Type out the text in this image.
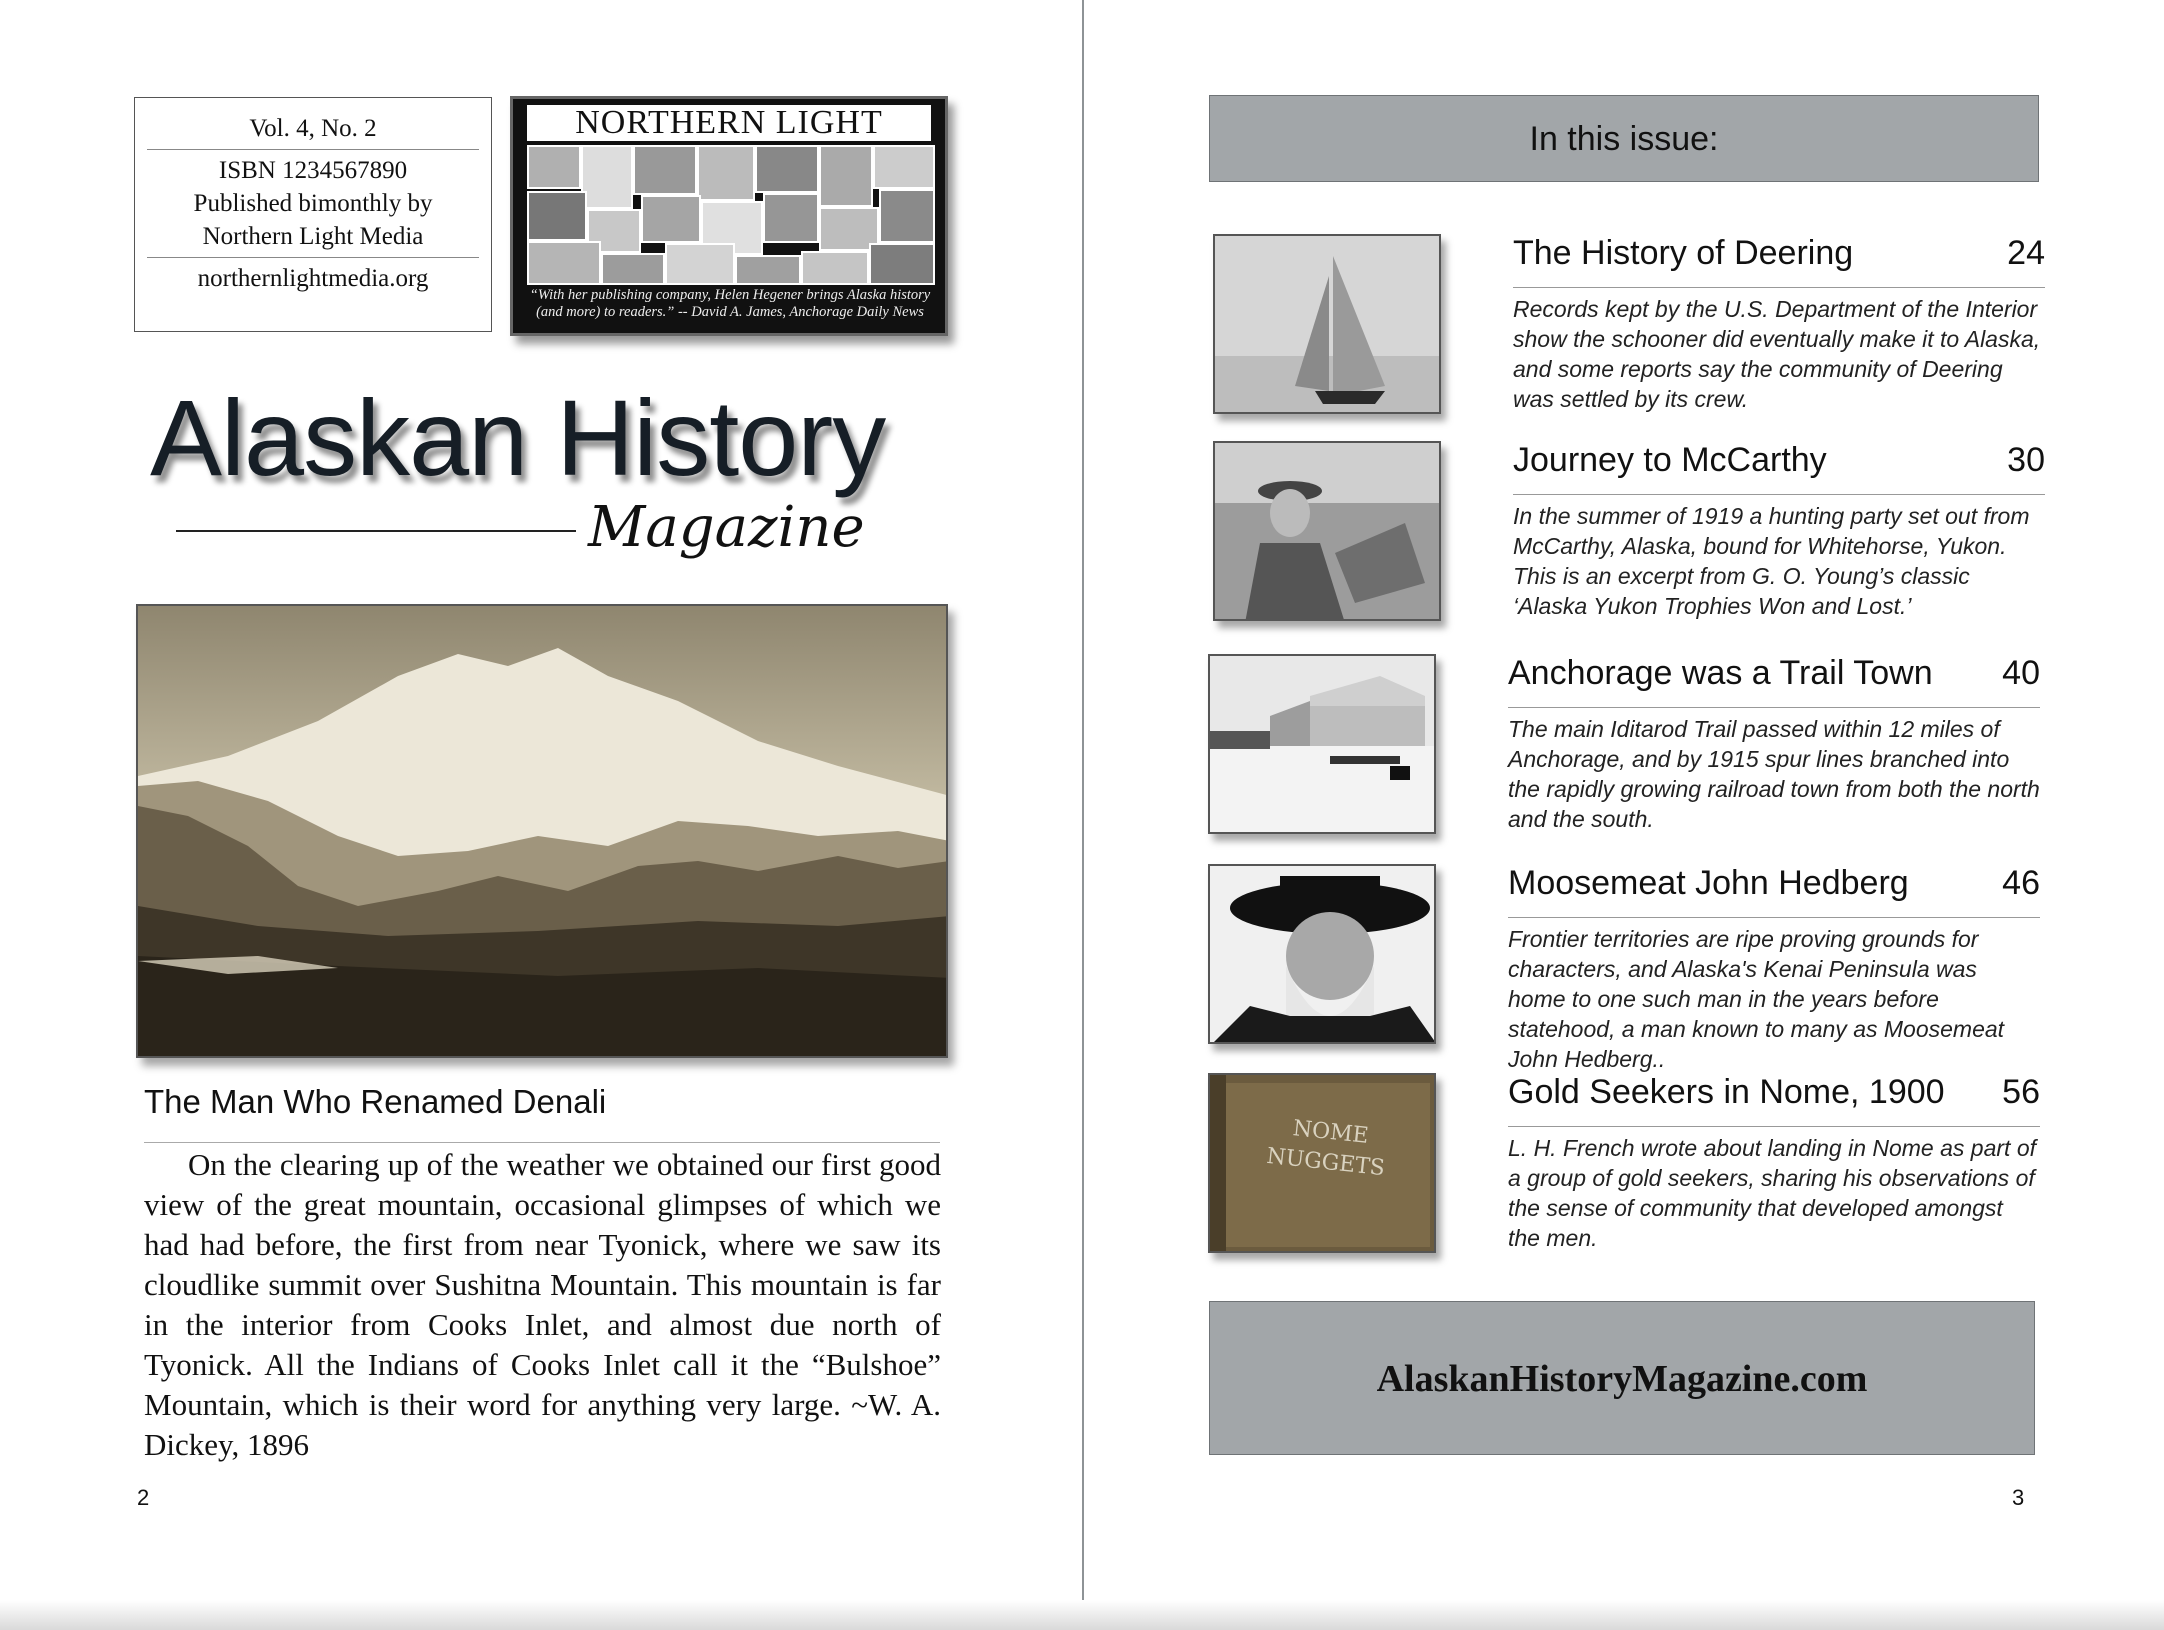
Vol. 4, No. 2
ISBN 1234567890
Published bimonthly by
Northern Light Media
northernlightmedia.org
NORTHERN LIGHT
“With her publishing company, Helen Hegener brings Alaska history
(and more) to readers.” -- David A. James, Anchorage Daily News
Alaskan History
Magazine
The Man Who Renamed Denali
On the clearing up of the weather we obtained our first good view of the great mountain, occasional glimpses of which we had had before, the first from near Tyonick, where we saw its cloudlike summit over Sushitna Mountain. This mountain is far in the interior from Cooks Inlet, and almost due north of Tyonick. All the Indians of Cooks Inlet call it the “Bulshoe” Mountain, which is their word for anything very large. ~W. A. Dickey, 1896
2
In this issue:
The History of Deering	24
Records kept by the U.S. Department of the Interior show the schooner did eventually make it to Alaska, and some reports say the community of Deering was settled by its crew.
Journey to McCarthy	30
In the summer of 1919 a hunting party set out from McCarthy, Alaska, bound for Whitehorse, Yukon. This is an excerpt from G. O. Young’s classic ‘Alaska Yukon Trophies Won and Lost.’
Anchorage was a Trail Town 40
The main Iditarod Trail passed within 12 miles of Anchorage, and by 1915 spur lines branched into the rapidly growing railroad town from both the north and the south.
Moosemeat John Hedberg	46
Frontier territories are ripe proving grounds for characters, and Alaska's Kenai Peninsula was home to one such man in the years before statehood, a man known to many as Moosemeat John Hedberg..
NOME
NUGGETS
Gold Seekers in Nome, 1900 56
L. H. French wrote about landing in Nome as part of a group of gold seekers, sharing his observations of the sense of community that developed amongst the men.
AlaskanHistoryMagazine.com
3
